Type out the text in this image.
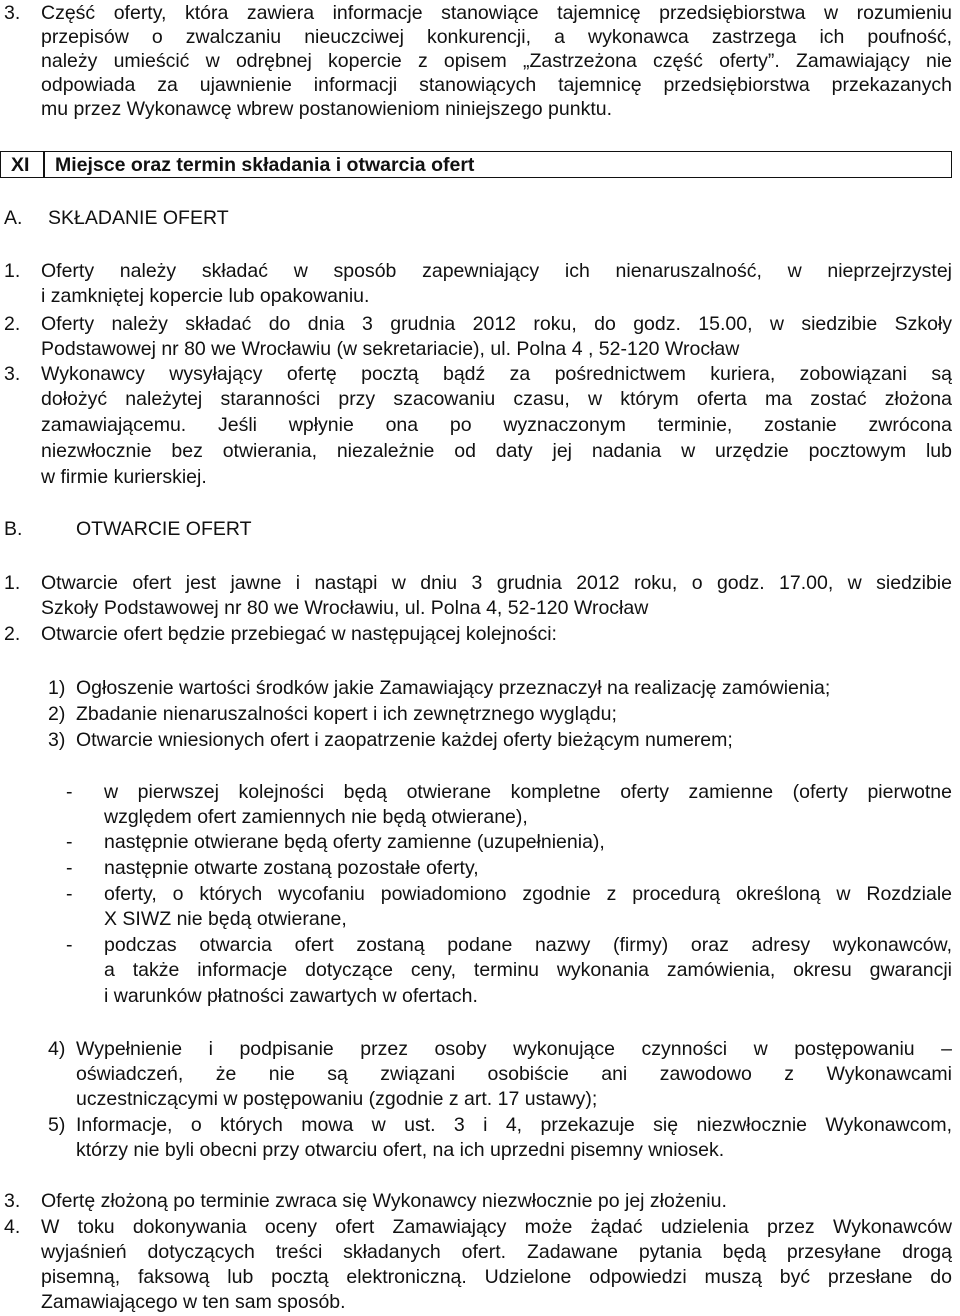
3. Część oferty, która zawiera informacje stanowiące tajemnicę przedsiębiorstwa w rozumieniu
przepisów o zwalczaniu nieuczciwej konkurencji, a wykonawca zastrzega ich poufność,
należy umieścić w odrębnej kopercie z opisem „Zastrzeżona część oferty”. Zamawiający nie
odpowiada za ujawnienie informacji stanowiących tajemnicę przedsiębiorstwa przekazanych
mu przez Wykonawcę wbrew postanowieniom niniejszego punktu.
XI Miejsce oraz termin składania i otwarcia ofert
A. SKŁADANIE OFERT
1. Oferty należy składać w sposób zapewniający ich nienaruszalność, w nieprzejrzystej
i zamkniętej kopercie lub opakowaniu.
2. Oferty należy składać do dnia 3 grudnia 2012 roku, do godz. 15.00, w siedzibie Szkoły
Podstawowej nr 80 we Wrocławiu (w sekretariacie), ul. Polna 4 , 52-120 Wrocław
3. Wykonawcy wysyłający ofertę pocztą bądź za pośrednictwem kuriera, zobowiązani są
dołożyć należytej staranności przy szacowaniu czasu, w którym oferta ma zostać złożona
zamawiającemu. Jeśli wpłynie ona po wyznaczonym terminie, zostanie zwrócona
niezwłocznie bez otwierania, niezależnie od daty jej nadania w urzędzie pocztowym lub
w firmie kurierskiej.
B.	OTWARCIE OFERT
1. Otwarcie ofert jest jawne i nastąpi w dniu 3 grudnia 2012 roku, o godz. 17.00, w siedzibie
Szkoły Podstawowej nr 80 we Wrocławiu, ul. Polna 4, 52-120 Wrocław
2. Otwarcie ofert będzie przebiegać w następującej kolejności:
1) Ogłoszenie wartości środków jakie Zamawiający przeznaczył na realizację zamówienia;
2) Zbadanie nienaruszalności kopert i ich zewnętrznego wyglądu;
3) Otwarcie wniesionych ofert i zaopatrzenie każdej oferty bieżącym numerem;
- w pierwszej kolejności będą otwierane kompletne oferty zamienne (oferty pierwotne
względem ofert zamiennych nie będą otwierane),
- następnie otwierane będą oferty zamienne (uzupełnienia),
- następnie otwarte zostaną pozostałe oferty,
- oferty, o których wycofaniu powiadomiono zgodnie z procedurą określoną w Rozdziale
X SIWZ nie będą otwierane,
- podczas otwarcia ofert zostaną podane nazwy (firmy) oraz adresy wykonawców,
a także informacje dotyczące ceny, terminu wykonania zamówienia, okresu gwarancji
i warunków płatności zawartych w ofertach.
4) Wypełnienie i podpisanie przez osoby wykonujące czynności w postępowaniu –
oświadczeń, że nie są związani osobiście ani zawodowo z Wykonawcami
uczestniczącymi w postępowaniu (zgodnie z art. 17 ustawy);
5) Informacje, o których mowa w ust. 3 i 4, przekazuje się niezwłocznie Wykonawcom,
którzy nie byli obecni przy otwarciu ofert, na ich uprzedni pisemny wniosek.
3. Ofertę złożoną po terminie zwraca się Wykonawcy niezwłocznie po jej złożeniu.
4. W toku dokonywania oceny ofert Zamawiający może żądać udzielenia przez Wykonawców
wyjaśnień dotyczących treści składanych ofert. Zadawane pytania będą przesyłane drogą
pisemną, faksową lub pocztą elektroniczną. Udzielone odpowiedzi muszą być przesłane do
Zamawiającego w ten sam sposób.
